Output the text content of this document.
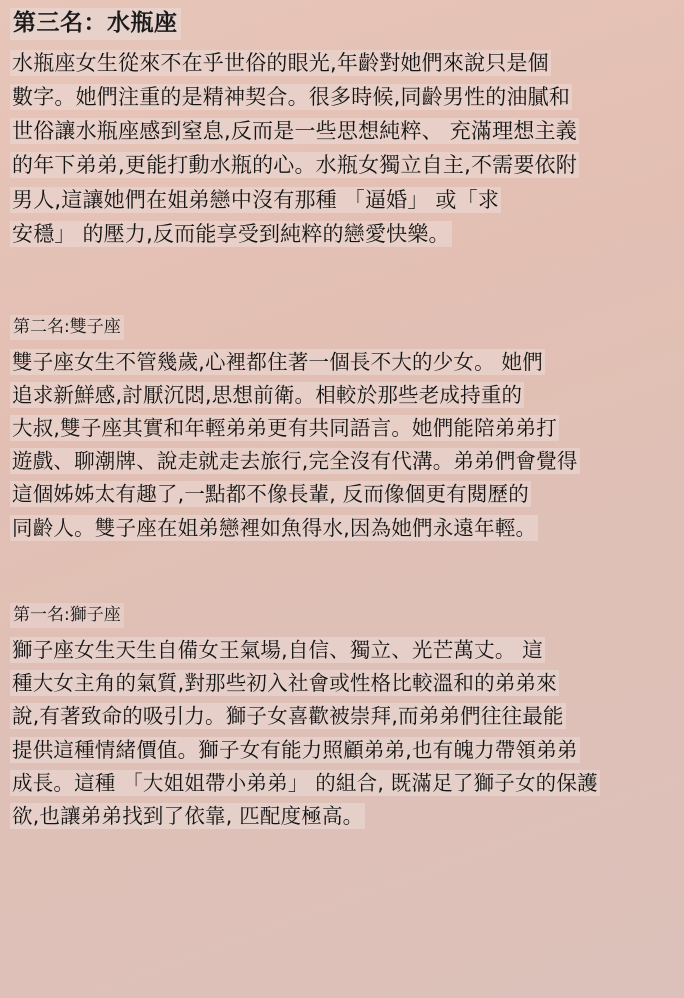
第三名：水瓶座

水瓶座女生從來不在乎世俗的眼光,年齡對她們來說只是個
數字。她們注重的是精神契合。很多時候,同齡男性的油膩和
世俗讓水瓶座感到窒息,反而是一些思想純粹、 充滿理想主義
的年下弟弟,更能打動水瓶的心。水瓶女獨立自主,不需要依附
男人,這讓她們在姐弟戀中沒有那種 「逼婚」 或「求
安穩」 的壓力,反而能享受到純粹的戀愛快樂。

第二名:雙子座

雙子座女生不管幾歲,心裡都住著一個長不大的少女。 她們
追求新鮮感,討厭沉悶,思想前衛。相較於那些老成持重的
大叔,雙子座其實和年輕弟弟更有共同語言。她們能陪弟弟打
遊戲、聊潮牌、說走就走去旅行,完全沒有代溝。弟弟們會覺得
這個姊姊太有趣了,一點都不像長輩, 反而像個更有閱歷的
同齡人。雙子座在姐弟戀裡如魚得水,因為她們永遠年輕。

第一名:獅子座

獅子座女生天生自備女王氣場,自信、獨立、光芒萬丈。 這
種大女主角的氣質,對那些初入社會或性格比較溫和的弟弟來
說,有著致命的吸引力。獅子女喜歡被崇拜,而弟弟們往往最能
提供這種情緒價值。獅子女有能力照顧弟弟,也有魄力帶領弟弟
成長。這種 「大姐姐帶小弟弟」 的組合, 既滿足了獅子女的保護
欲,也讓弟弟找到了依靠, 匹配度極高。
